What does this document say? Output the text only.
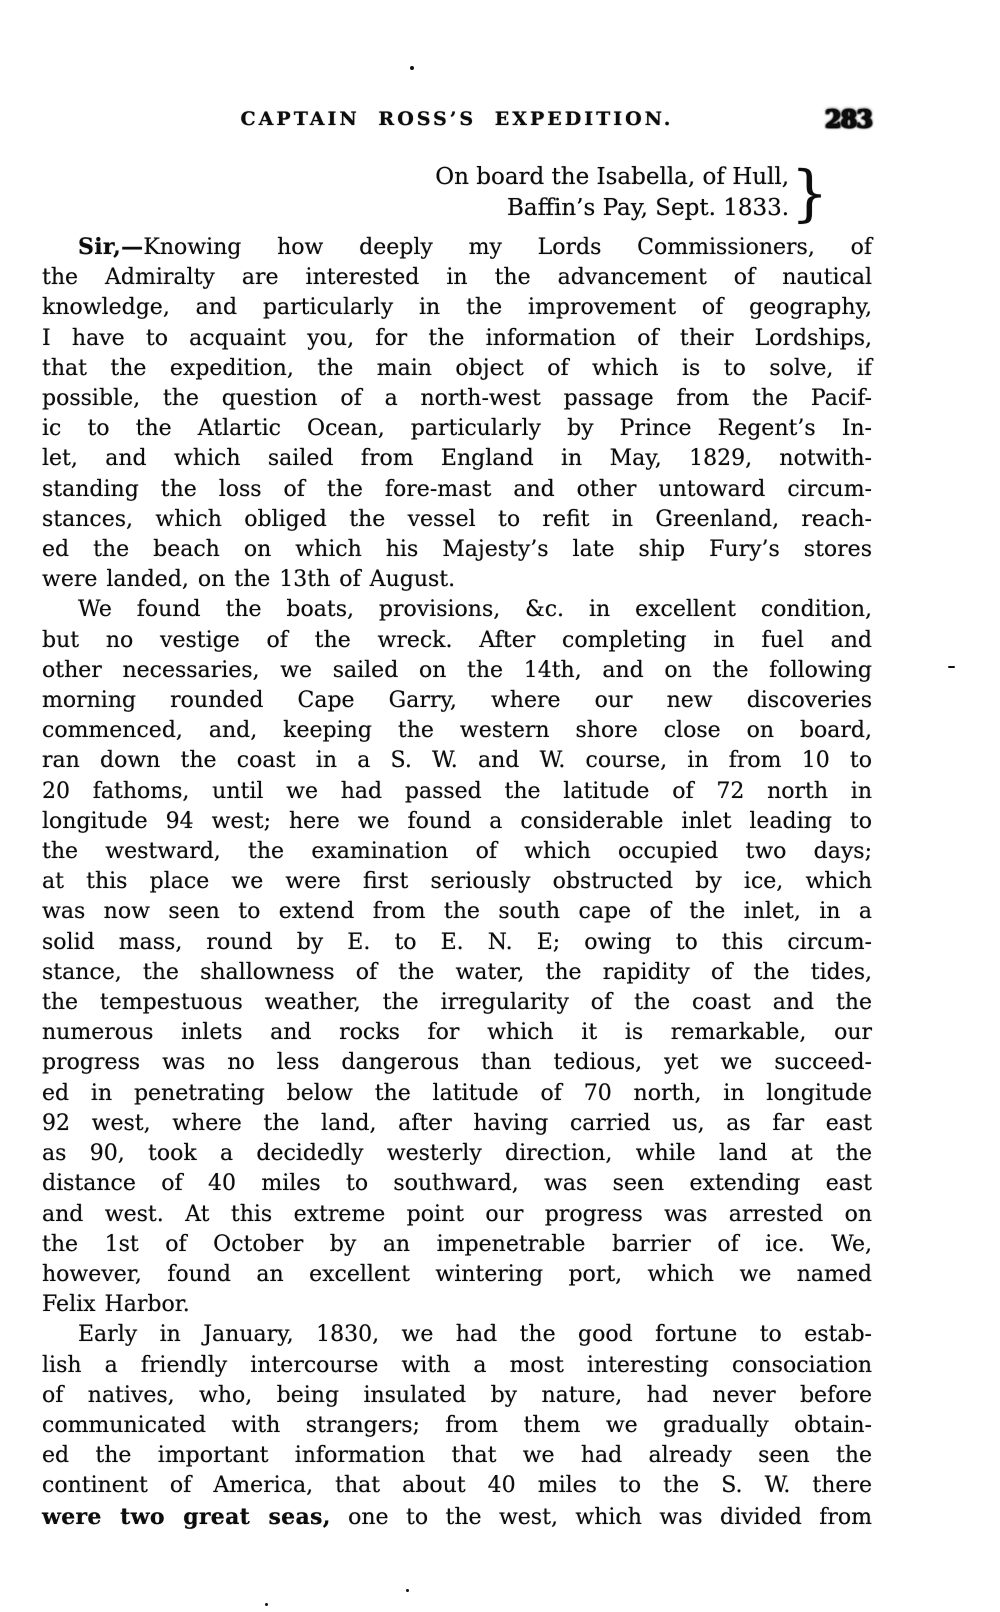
CAPTAIN ROSS’S EXPEDITION.	283
On board the Isabella, of Hull,
Baffin’s Pay, Sept. 1833. }
Sir,—Knowing how deeply my Lords Commissioners, of
the Admiralty are interested in the advancement of nautical
knowledge, and particularly in the improvement of geography,
I have to acquaint you, for the information of their Lordships,
that the expedition, the main object of which is to solve, if
possible, the question of a north-west passage from the Pacif-
ic to the Atlartic Ocean, particularly by Prince Regent’s In-
let, and which sailed from England in May, 1829, notwith-
standing the loss of the fore-mast and other untoward circum-
stances, which obliged the vessel to refit in Greenland, reach-
ed the beach on which his Majesty’s late ship Fury’s stores
were landed, on the 13th of August.
We found the boats, provisions, &c. in excellent condition,
but no vestige of the wreck. After completing in fuel and
other necessaries, we sailed on the 14th, and on the following
morning rounded Cape Garry, where our new discoveries
commenced, and, keeping the western shore close on board,
ran down the coast in a S. W. and W. course, in from 10 to
20 fathoms, until we had passed the latitude of 72 north in
longitude 94 west; here we found a considerable inlet leading to
the westward, the examination of which occupied two days;
at this place we were first seriously obstructed by ice, which
was now seen to extend from the south cape of the inlet, in a
solid mass, round by E. to E. N. E; owing to this circum-
stance, the shallowness of the water, the rapidity of the tides,
the tempestuous weather, the irregularity of the coast and the
numerous inlets and rocks for which it is remarkable, our
progress was no less dangerous than tedious, yet we succeed-
ed in penetrating below the latitude of 70 north, in longitude
92 west, where the land, after having carried us, as far east
as 90, took a decidedly westerly direction, while land at the
distance of 40 miles to southward, was seen extending east
and west. At this extreme point our progress was arrested on
the 1st of October by an impenetrable barrier of ice. We,
however, found an excellent wintering port, which we named
Felix Harbor.
Early in January, 1830, we had the good fortune to estab-
lish a friendly intercourse with a most interesting consociation
of natives, who, being insulated by nature, had never before
communicated with strangers; from them we gradually obtain-
ed the important information that we had already seen the
continent of America, that about 40 miles to the S. W. there
were two great seas, one to the west, which was divided from
